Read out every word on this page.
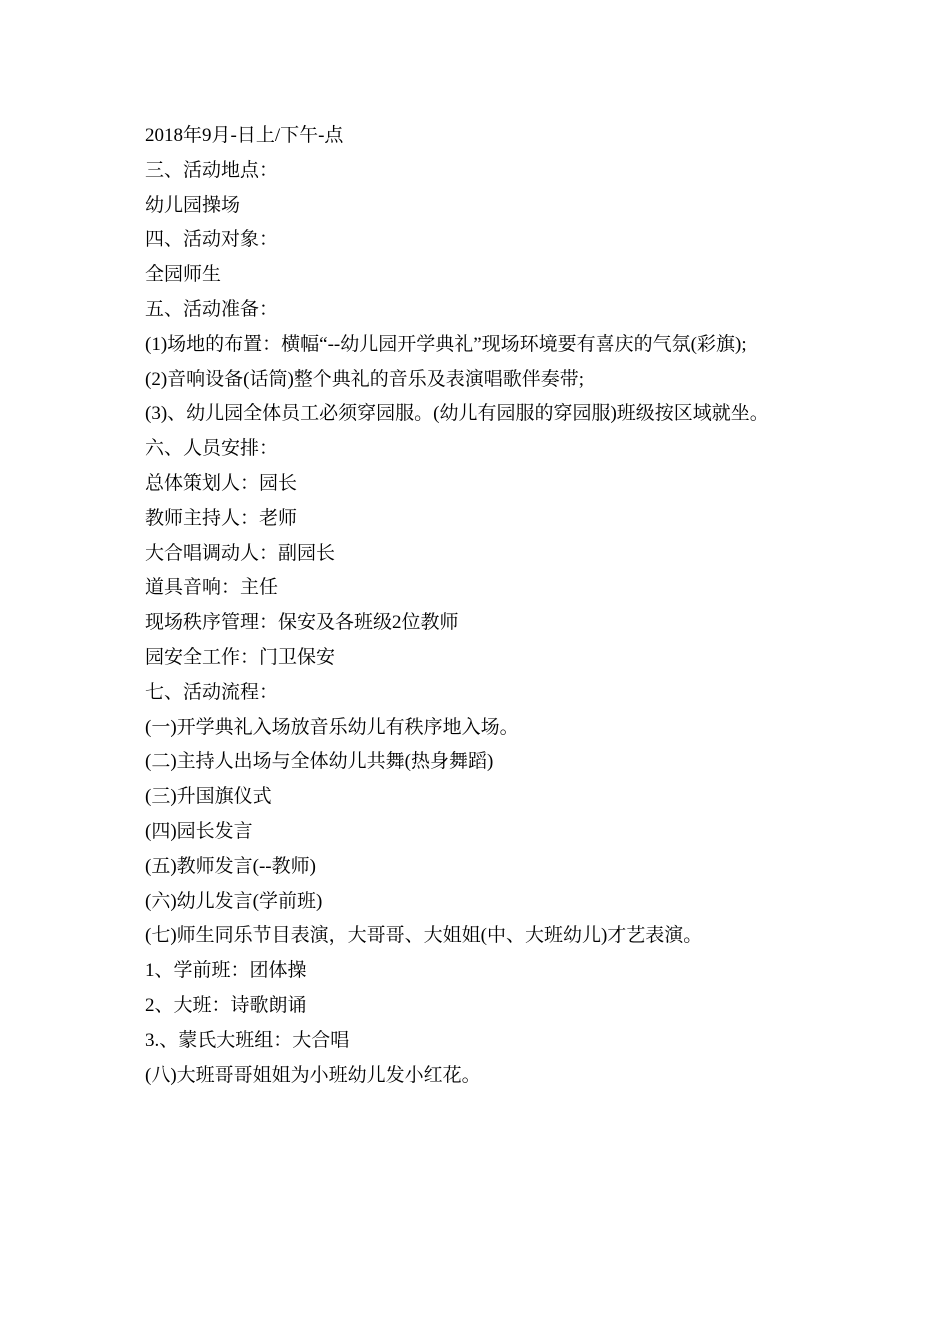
2018年9月-日上/下午-点

三、活动地点：

幼儿园操场

四、活动对象：

全园师生

五、活动准备：

(1)场地的布置：横幅“--幼儿园开学典礼”现场环境要有喜庆的气氛(彩旗);

(2)音响设备(话筒)整个典礼的音乐及表演唱歌伴奏带;

(3)、幼儿园全体员工必须穿园服。(幼儿有园服的穿园服)班级按区域就坐。

六、人员安排：

总体策划人：园长

教师主持人：老师

大合唱调动人：副园长

道具音响：主任

现场秩序管理：保安及各班级2位教师

园安全工作：门卫保安

七、活动流程：

(一)开学典礼入场放音乐幼儿有秩序地入场。

(二)主持人出场与全体幼儿共舞(热身舞蹈)

(三)升国旗仪式

(四)园长发言

(五)教师发言(--教师)

(六)幼儿发言(学前班)

(七)师生同乐节目表演，大哥哥、大姐姐(中、大班幼儿)才艺表演。

1、学前班：团体操

2、大班：诗歌朗诵

3.、蒙氏大班组：大合唱

(八)大班哥哥姐姐为小班幼儿发小红花。
